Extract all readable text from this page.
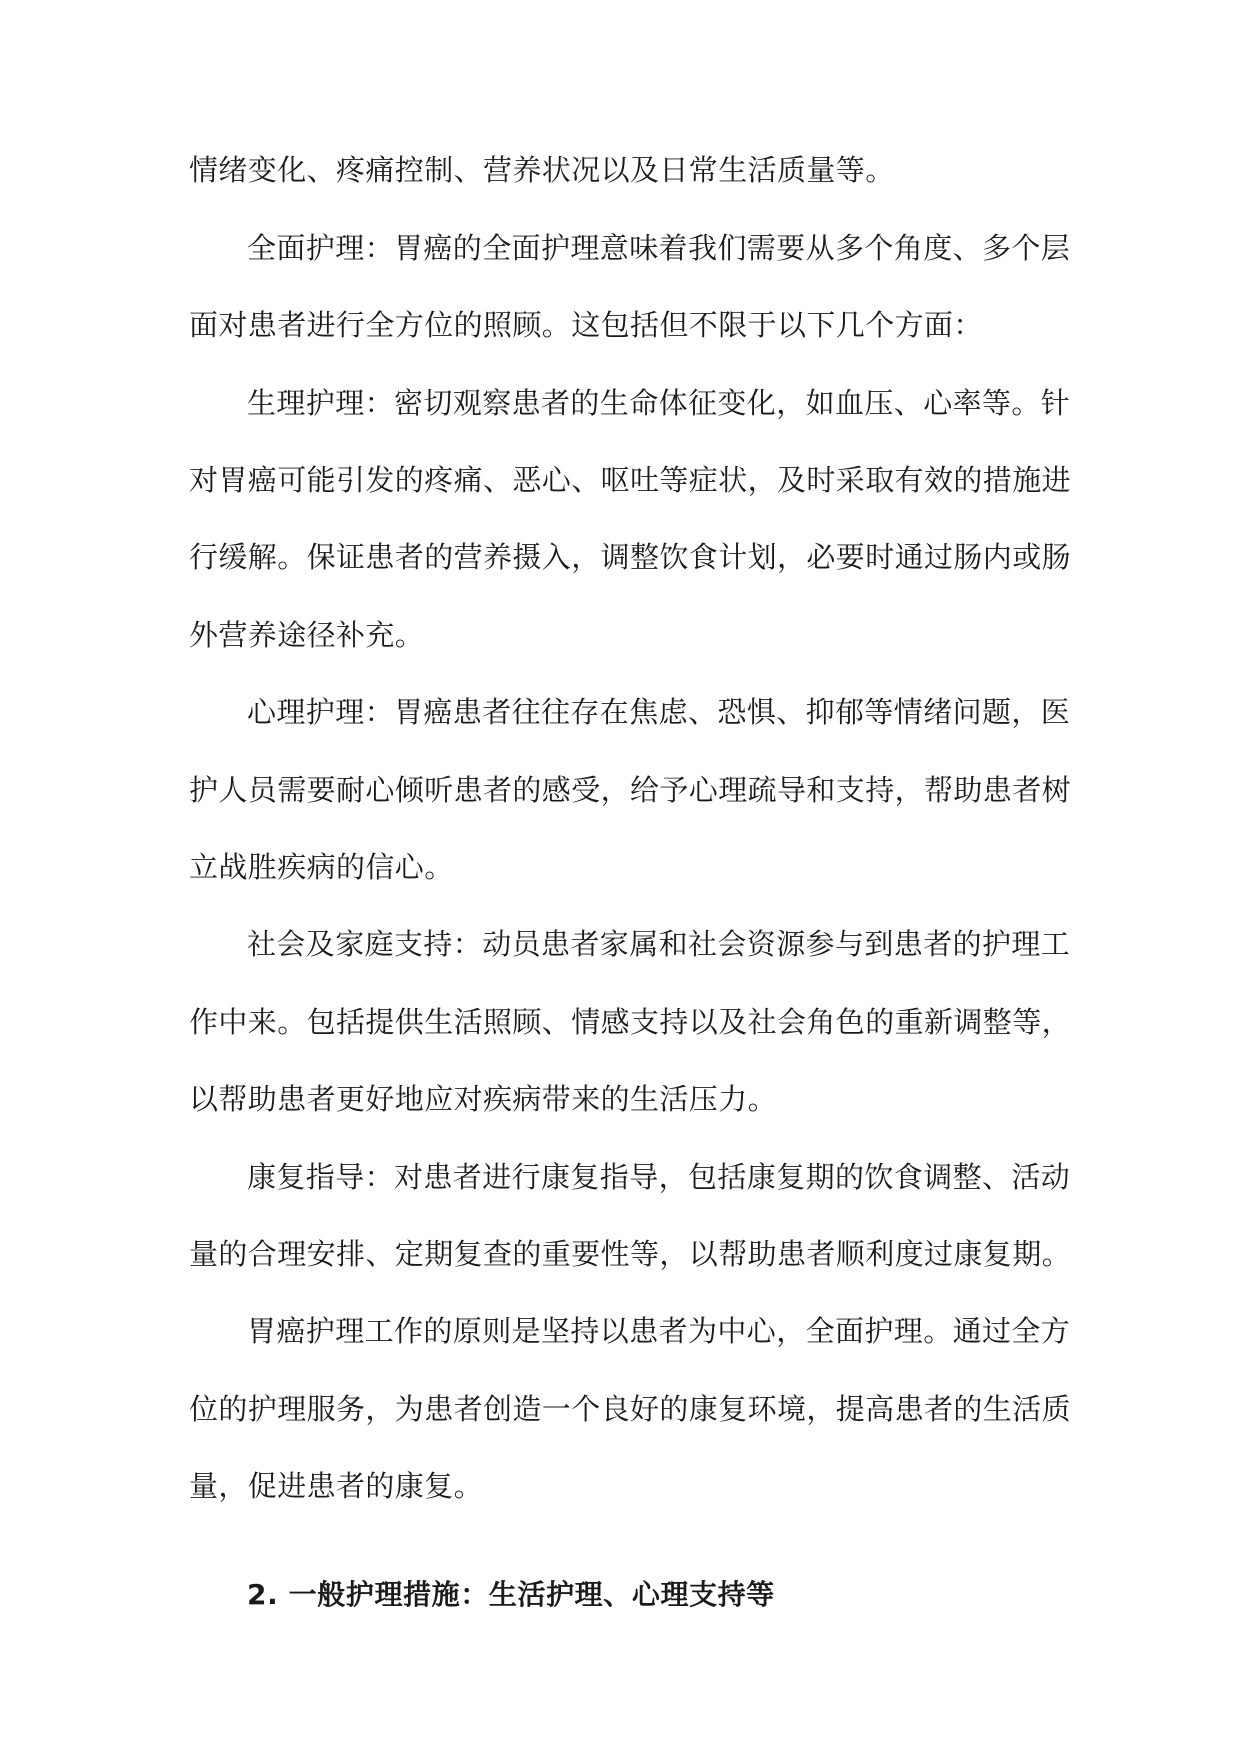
情绪变化、疼痛控制、营养状况以及日常生活质量等。
全面护理：胃癌的全面护理意味着我们需要从多个角度、多个层
面对患者进行全方位的照顾。这包括但不限于以下几个方面：
生理护理：密切观察患者的生命体征变化，如血压、心率等。针
对胃癌可能引发的疼痛、恶心、呕吐等症状，及时采取有效的措施进
行缓解。保证患者的营养摄入，调整饮食计划，必要时通过肠内或肠
外营养途径补充。
心理护理：胃癌患者往往存在焦虑、恐惧、抑郁等情绪问题，医
护人员需要耐心倾听患者的感受，给予心理疏导和支持，帮助患者树
立战胜疾病的信心。
社会及家庭支持：动员患者家属和社会资源参与到患者的护理工
作中来。包括提供生活照顾、情感支持以及社会角色的重新调整等，
以帮助患者更好地应对疾病带来的生活压力。
康复指导：对患者进行康复指导，包括康复期的饮食调整、活动
量的合理安排、定期复查的重要性等，以帮助患者顺利度过康复期。
胃癌护理工作的原则是坚持以患者为中心，全面护理。通过全方
位的护理服务，为患者创造一个良好的康复环境，提高患者的生活质
量，促进患者的康复。
2. 一般护理措施：生活护理、心理支持等
